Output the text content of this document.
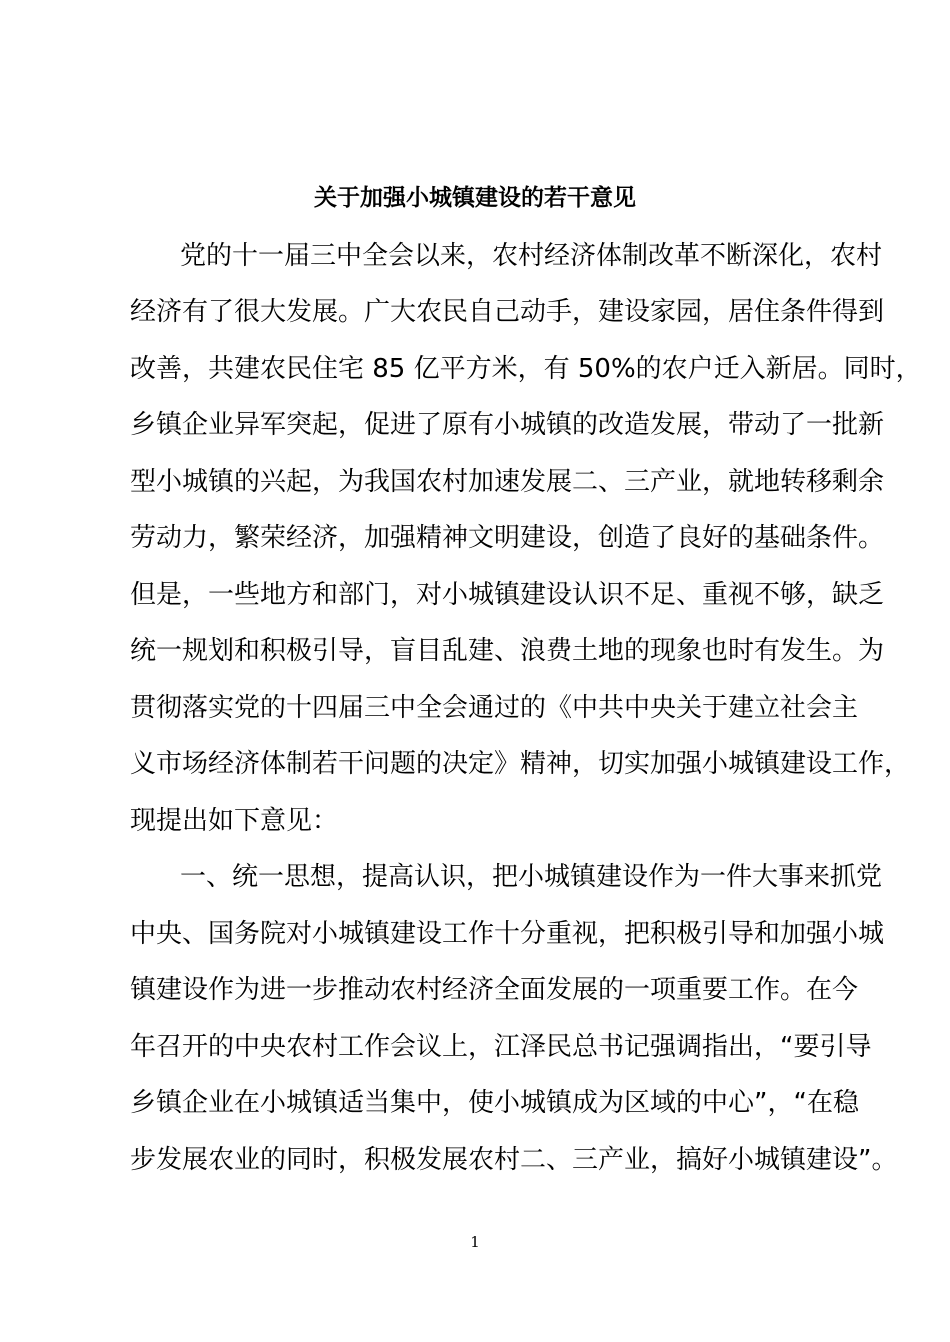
关于加强小城镇建设的若干意见

党的十一届三中全会以来，农村经济体制改革不断深化，农村

经济有了很大发展。广大农民自己动手，建设家园，居住条件得到

改善，共建农民住宅 85 亿平方米，有 50%的农户迁入新居。同时，

乡镇企业异军突起，促进了原有小城镇的改造发展，带动了一批新

型小城镇的兴起，为我国农村加速发展二、三产业，就地转移剩余

劳动力，繁荣经济，加强精神文明建设，创造了良好的基础条件。

但是，一些地方和部门，对小城镇建设认识不足、重视不够，缺乏

统一规划和积极引导，盲目乱建、浪费土地的现象也时有发生。为

贯彻落实党的十四届三中全会通过的《中共中央关于建立社会主

义市场经济体制若干问题的决定》精神，切实加强小城镇建设工作，

现提出如下意见：

一、统一思想，提高认识，把小城镇建设作为一件大事来抓党

中央、国务院对小城镇建设工作十分重视，把积极引导和加强小城

镇建设作为进一步推动农村经济全面发展的一项重要工作。在今

年召开的中央农村工作会议上，江泽民总书记强调指出，“要引导

乡镇企业在小城镇适当集中，使小城镇成为区域的中心”，“在稳

步发展农业的同时，积极发展农村二、三产业，搞好小城镇建设”。

1
